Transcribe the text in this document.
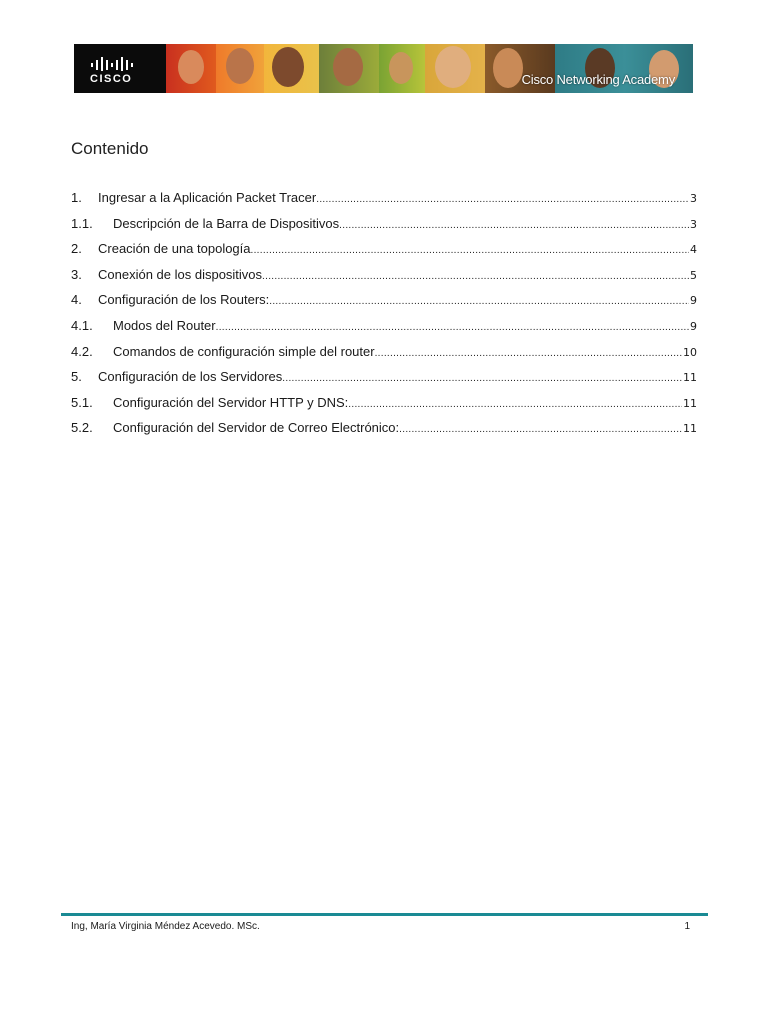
CISCO	Cisco Networking Academy
Contenido
1.	Ingresar a la Aplicación Packet Tracer .....	3
1.1.	Descripción de la Barra de Dispositivos .....	3
2.	Creación de una topología .....	4
3.	Conexión de los dispositivos .....	5
4.	Configuración de los Routers: .....	9
4.1.	Modos del Router .....	9
4.2.	Comandos de configuración simple del router .....	10
5.	Configuración de los Servidores .....	11
5.1.	Configuración del Servidor HTTP y DNS: .....	11
5.2.	Configuración del Servidor de Correo Electrónico: .....	11
Ing, María Virginia Méndez Acevedo. MSc.	1
